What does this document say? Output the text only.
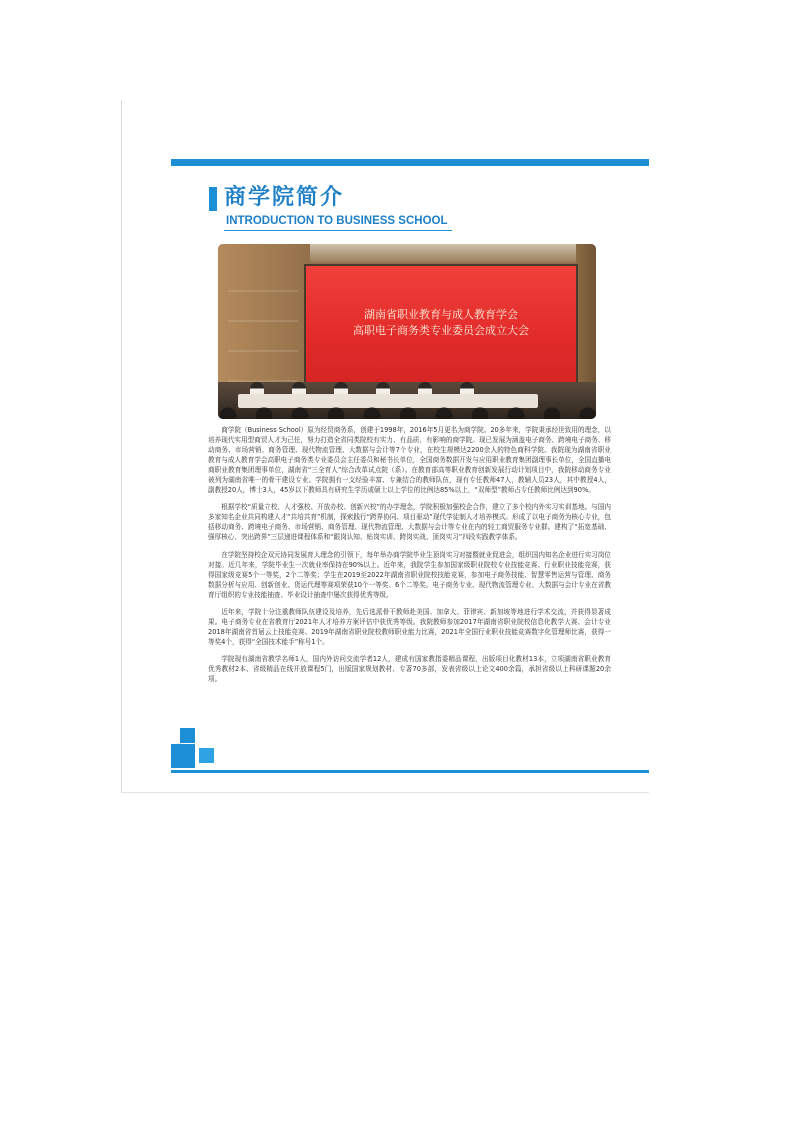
商学院简介

INTRODUCTION TO BUSINESS SCHOOL

湖南省职业教育与成人教育学会
高职电子商务类专业委员会成立大会

商学院（Business School）原为经贸商务系，创建于1998年，2016年5月更名为商学院。20多年来，学院秉承经世致用的理念，以培养现代实用型商贸人才为己任，努力打造全省同类院校有实力、有品质、有影响的商学院。现已发展为涵盖电子商务、跨境电子商务、移动商务、市场营销、商务管理、现代物流管理、大数据与会计等7个专业，在校生规模达2200余人的特色商科学院。我院现为湖南省职业教育与成人教育学会高职电子商务类专业委员会主任委员和秘书长单位，全国商务数据开发与应用职业教育集团副理事长单位，全国直播电商职业教育集团理事单位，湖南省“三全育人”综合改革试点院（系）。在教育部高等职业教育创新发展行动计划项目中，我院移动商务专业被列为湖南省唯一的骨干建设专业。学院拥有一支经验丰富、专兼结合的教师队伍，现有专任教师47人，教辅人员23人，其中教授4人，副教授20人，博士3人，45岁以下教师具有研究生学历或硕士以上学位的比例达85%以上，“双师型”教师占专任教师比例达到90%。

根据学校“质量立校、人才强校、开放办校、创新兴校”的办学理念，学院积极加强校企合作，建立了多个校内外实习实训基地。与国内多家知名企业共同构建人才“共培共育”机制，探索践行“跨界协同、项目驱动”现代学徒制人才培养模式。形成了以电子商务为核心专业，包括移动商务、跨境电子商务、市场营销、商务管理、现代物流管理、大数据与会计等专业在内的轻工商贸服务专业群。建构了“拓宽基础、强厚核心、突出跨界”三层递进课程体系和“跟岗认知、贴岗实训、跨岗实战、顶岗实习”四段实践教学体系。

在学院坚持校企双元协同发展育人理念的引领下，每年举办商学院毕业生顶岗实习对接暨就业促进会，组织国内知名企业进行实习岗位对接。近几年来，学院毕业生一次就业率保持在90%以上。近年来，我院学生参加国家级职业院校专业技能竞赛、行业职业技能竞赛，获得国家级竞赛5个一等奖，2个二等奖；学生在2019至2022年湖南省职业院校技能竞赛，参加电子商务技能、智慧零售运营与管理、商务数据分析与应用、创新创业、货运代理等赛项荣获10个一等奖、6个二等奖。电子商务专业、现代物流管理专业、大数据与会计专业在省教育厅组织的专业技能抽查、毕业设计抽查中屡次获得优秀等级。

近年来，学院十分注重教师队伍建设及培养，先后选派骨干教师赴美国、加拿大、菲律宾、新加坡等地进行学术交流，并获得显著成果。电子商务专业在省教育厅2021年人才培养方案评估中获优秀等级。我院教师参加2017年湖南省职业院校信息化教学大赛、会计专业2018年湖南省首届云上技能竞赛、2019年湖南省职业院校教师职业能力比赛，2021年全国行业职业技能竞赛数字化管理师比赛，获得一等奖4个，获得“全国技术能手”称号1个。

学院现有湖南省教学名师1人，国内外访问交流学者12人，建成有国家教指委精品课程，出版项目化教材13本，立项湖南省职业教育优秀教材2本、省级精品在线开放课程5门，出版国家规划教材、专著70多部，发表省级以上论文400余篇，承担省级以上科研课题20余项。
